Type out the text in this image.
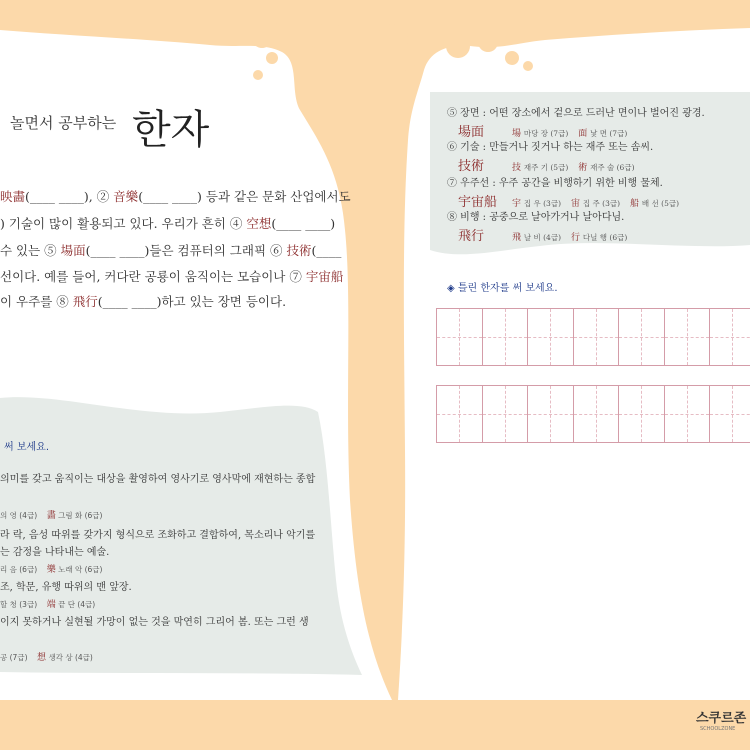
놀면서 공부하는 한자
映畵(____ ____), ② 音樂(____ ____) 등과 같은 문화 산업에서도
) 기술이 많이 활용되고 있다. 우리가 흔히 ④ 空想(____ ____)
수 있는 ⑤ 場面(____ ____)들은 컴퓨터의 그래픽 ⑥ 技術(____
선이다. 예를 들어, 커다란 공룡이 움직이는 모습이나 ⑦ 宇宙船
이 우주를 ⑧ 飛行(____ ____)하고 있는 장면 등이다.
써 보세요.
의미를 갖고 움직이는 대상을 촬영하여 영사기로 영사막에 재현하는 종합
의 영 (4급) 畵 그림 화 (6급)
라 락, 음성 따위를 갖가지 형식으로 조화하고 결합하여, 목소리나 악기를
는 감정을 나타내는 예술.
리 음 (6급) 樂 노래 악 (6급)
조, 학문, 유행 따위의 맨 앞장.
할 청 (3급) 端 끝 단 (4급)
이지 못하거나 실현될 가망이 없는 것을 막연히 그리어 봄. 또는 그런 생
공 (7급) 想 생각 상 (4급)
⑤ 장면 : 어떤 장소에서 겉으로 드러난 면이나 벌어진 광경.
場面	場 마당 장 (7급) 面 낯 면 (7급)
⑥ 기술 : 만들거나 짓거나 하는 재주 또는 솜씨.
技術	技 재주 기 (5급) 術 재주 술 (6급)
⑦ 우주선 : 우주 공간을 비행하기 위한 비행 물체.
宇宙船 宇 집 우 (3급) 宙 집 주 (3급) 船 배 선 (5급)
⑧ 비행 : 공중으로 날아가거나 날아다님.
飛行	飛 날 비 (4급) 行 다닐 행 (6급)
◈ 틀린 한자를 써 보세요.
스쿠르존
SCHOOLZONE
